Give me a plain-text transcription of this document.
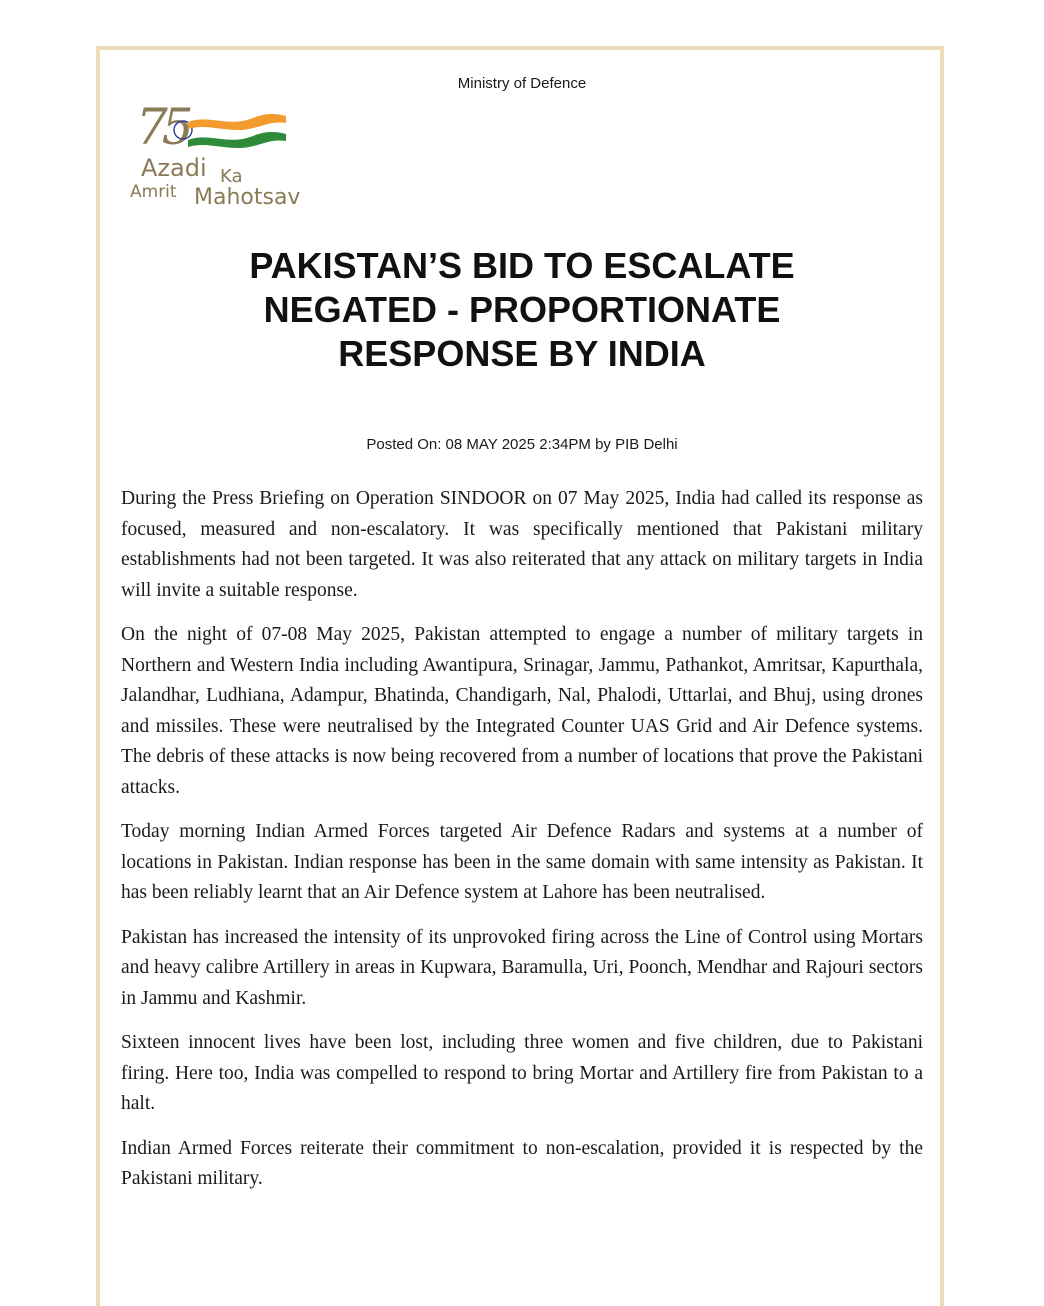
Ministry of Defence
75
Azadi Ka
Amrit Mahotsav
PAKISTAN’S BID TO ESCALATE
NEGATED - PROPORTIONATE
RESPONSE BY INDIA
Posted On: 08 MAY 2025 2:34PM by PIB Delhi

During the Press Briefing on Operation SINDOOR on 07 May 2025, India had called its response as focused, measured and non-escalatory. It was specifically mentioned that Pakistani military establishments had not been targeted. It was also reiterated that any attack on military targets in India will invite a suitable response.

On the night of 07-08 May 2025, Pakistan attempted to engage a number of military targets in Northern and Western India including Awantipura, Srinagar, Jammu, Pathankot, Amritsar, Kapurthala, Jalandhar, Ludhiana, Adampur, Bhatinda, Chandigarh, Nal, Phalodi, Uttarlai, and Bhuj, using drones and missiles. These were neutralised by the Integrated Counter UAS Grid and Air Defence systems. The debris of these attacks is now being recovered from a number of locations that prove the Pakistani attacks.

Today morning Indian Armed Forces targeted Air Defence Radars and systems at a number of locations in Pakistan. Indian response has been in the same domain with same intensity as Pakistan. It has been reliably learnt that an Air Defence system at Lahore has been neutralised.

Pakistan has increased the intensity of its unprovoked firing across the Line of Control using Mortars and heavy calibre Artillery in areas in Kupwara, Baramulla, Uri, Poonch, Mendhar and Rajouri sectors in Jammu and Kashmir.

Sixteen innocent lives have been lost, including three women and five children, due to Pakistani firing. Here too, India was compelled to respond to bring Mortar and Artillery fire from Pakistan to a halt.

Indian Armed Forces reiterate their commitment to non-escalation, provided it is respected by the Pakistani military.
